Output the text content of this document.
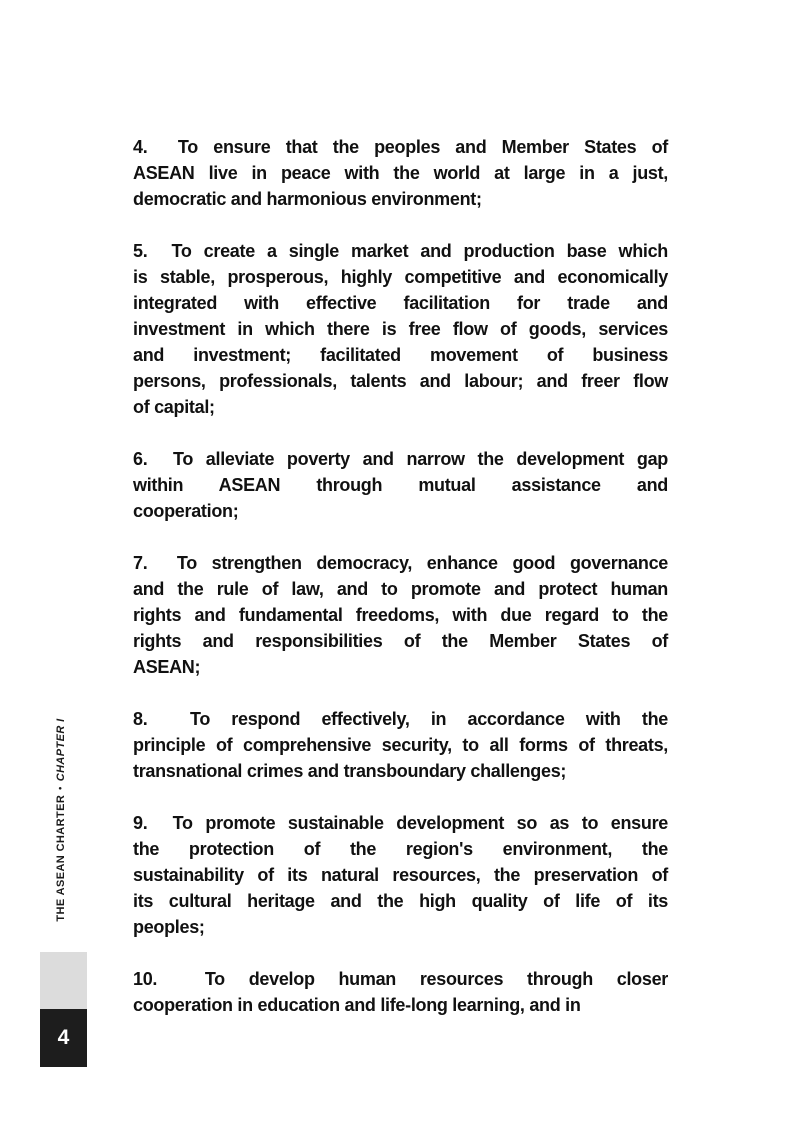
THE ASEAN CHARTER•CHAPTER I
4
4.  To ensure that the peoples and Member States of
ASEAN live in peace with the world at large in a just,
democratic and harmonious environment;
5.  To create a single market and production base which
is stable, prosperous, highly competitive and economically
integrated with effective facilitation for trade and
investment in which there is free flow of goods, services
and investment; facilitated movement of business
persons, professionals, talents and labour; and freer flow
of capital;
6.  To alleviate poverty and narrow the development gap
within ASEAN through mutual assistance and
cooperation;
7.  To strengthen democracy, enhance good governance
and the rule of law, and to promote and protect human
rights and fundamental freedoms, with due regard to the
rights and responsibilities of the Member States of
ASEAN;
8.  To respond effectively, in accordance with the
principle of comprehensive security, to all forms of threats,
transnational crimes and transboundary challenges;
9.  To promote sustainable development so as to ensure
the protection of the region's environment, the
sustainability of its natural resources, the preservation of
its cultural heritage and the high quality of life of its
peoples;
10.  To develop human resources through closer
cooperation in education and life-long learning, and in
